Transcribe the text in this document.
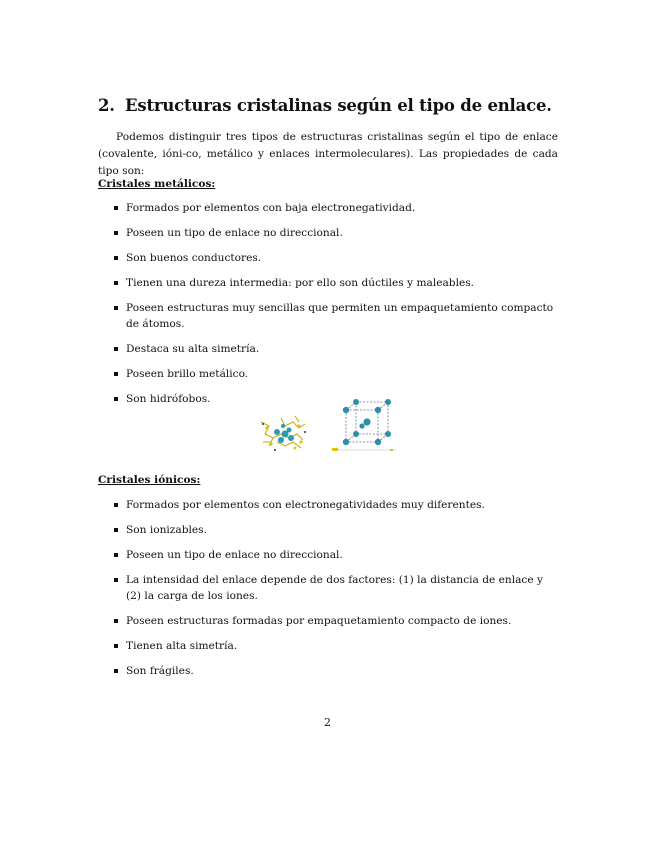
2. Estructuras cristalinas según el tipo de enlace.

Podemos distinguir tres tipos de estructuras cristalinas según el tipo de enlace (covalente, ióni-co, metálico y enlaces intermoleculares). Las propiedades de cada tipo son:

Cristales metálicos:
Formados por elementos con baja electronegatividad.
Poseen un tipo de enlace no direccional.
Son buenos conductores.
Tienen una dureza intermedia: por ello son dúctiles y maleables.
Poseen estructuras muy sencillas que permiten un empaquetamiento compacto de átomos.
Destaca su alta simetría.
Poseen brillo metálico.
Son hidrófobos.
Cristales iónicos:
Formados por elementos con electronegatividades muy diferentes.
Son ionizables.
Poseen un tipo de enlace no direccional.
La intensidad del enlace depende de dos factores: (1) la distancia de enlace y (2) la carga de los iones.
Poseen estructuras formadas por empaquetamiento compacto de iones.
Tienen alta simetría.
Son frágiles.
2
